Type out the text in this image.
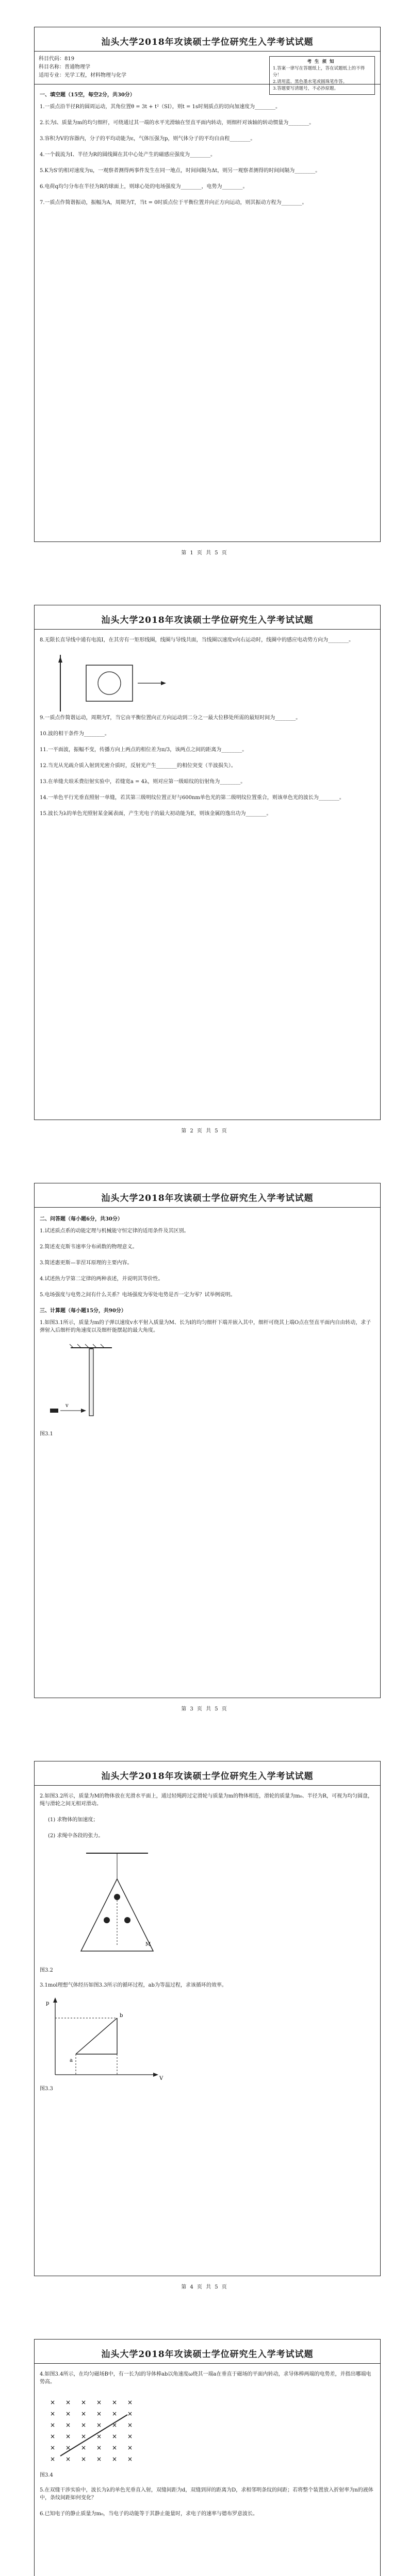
汕头大学2018年攻读硕士学位研究生入学考试试题
科目代码：819
科目名称：普通物理学
适用专业：光学工程，材料物理与化学
考生须知
1.答案一律写在答题纸上，答在试题纸上的不得分！
2.请用蓝、黑色墨水笔或圆珠笔作答。
3.答题要写清题号，不必抄原题。
一、填空题（15空，每空2分，共30分）
1.一质点沿半径R的圆周运动，其角位置θ = 3t + t²（SI），则t = 1s时刻质点的切向加速度为________。
2.长为l、质量为m的均匀细杆，可绕通过其一端的水平光滑轴在竖直平面内转动，则细杆对该轴的转动惯量为________。
3.容积为V的容器内，分子的平均动能为ε，气体压强为p，则气体分子的平均自由程________。
4.一个载流为I、半径为R的圆线圈在其中心处产生的磁感应强度为________。
5.K为S'的相对速度为u，一观察者测得两事件发生在同一地点，时间间隔为Δt，则另一观察者测得的时间间隔为________。
6.电荷q均匀分布在半径为R的球面上，则球心处的电场强度为________，电势为________。
7.一质点作简谐振动，振幅为A，周期为T，当t = 0时质点位于平衡位置并向正方向运动，则其振动方程为________。
第 1 页 共 5 页
汕头大学2018年攻读硕士学位研究生入学考试试题
8.无限长直导线中通有电流I，在其旁有一矩形线圈，线圈与导线共面，当线圈以速度v向右运动时，线圈中的感应电动势方向为________。
9.一质点作简谐运动，周期为T，当它由平衡位置向正方向运动到二分之一最大位移处所需的最短时间为________。
10.波的相干条件为________。
11.一平面波，振幅不变，传播方向上两点的相位差为π/3，该两点之间的距离为________。
12.当光从光疏介质入射到光密介质时，反射光产生________的相位突变（半波损失）。
13.在单缝夫琅禾费衍射实验中，若缝宽a = 4λ，则对应第一级暗纹的衍射角为________。
14.一单色平行光垂直照射一单缝，若其第三级明纹位置正好与600nm单色光的第二级明纹位置重合，则该单色光的波长为________。
15.波长为λ的单色光照射某金属表面，产生光电子的最大初动能为E，则该金属的逸出功为________。
第 2 页 共 5 页
汕头大学2018年攻读硕士学位研究生入学考试试题
二、问答题（每小题6分，共30分）
1.试述质点系的动能定理与机械能守恒定律的适用条件及其区别。
2.简述麦克斯韦速率分布函数的物理意义。
3.简述惠更斯—菲涅耳原理的主要内容。
4.试述热力学第二定律的两种表述，并说明其等价性。
5.电场强度与电势之间有什么关系？电场强度为零处电势是否一定为零？试举例说明。
三、计算题（每小题15分，共90分）
1.如图3.1所示，质量为m的子弹以速度v水平射入质量为M、长为l的均匀细杆下端并嵌入其中，细杆可绕其上端O点在竖直平面内自由转动，求子弹射入后细杆的角速度以及细杆能摆起的最大角度。
v
图3.1
第 3 页 共 5 页
汕头大学2018年攻读硕士学位研究生入学考试试题
2.如图3.2所示，质量为M的物体放在光滑水平面上，通过轻绳跨过定滑轮与质量为m的物体相连，滑轮的质量为m₀、半径为R，可视为均匀圆盘，绳与滑轮之间无相对滑动。
(1) 求物体的加速度；
(2) 求绳中各段的张力。
M
图3.2
3.1mol理想气体经历如图3.3所示的循环过程，ab为等温过程，求该循环的效率。
p
V
a
b
图3.3
第 4 页 共 5 页
汕头大学2018年攻读硕士学位研究生入学考试试题
4.如图3.4所示，在均匀磁场B中，有一长为l的导体棒ab以角速度ω绕其一端a在垂直于磁场的平面内转动，求导体棒两端的电势差，并指出哪端电势高。
× × × × × ×
× × × × × ×
× × × × × ×
× × × × × ×
× × × × × ×
× × × × × ×
图3.4
5.在双缝干涉实验中，波长为λ的单色光垂直入射，双缝间距为d，双缝到屏的距离为D，求相邻明条纹的间距；若将整个装置放入折射率为n的液体中，条纹间距如何变化？
6.已知电子的静止质量为m₀，当电子的动能等于其静止能量时，求电子的速率与德布罗意波长。
